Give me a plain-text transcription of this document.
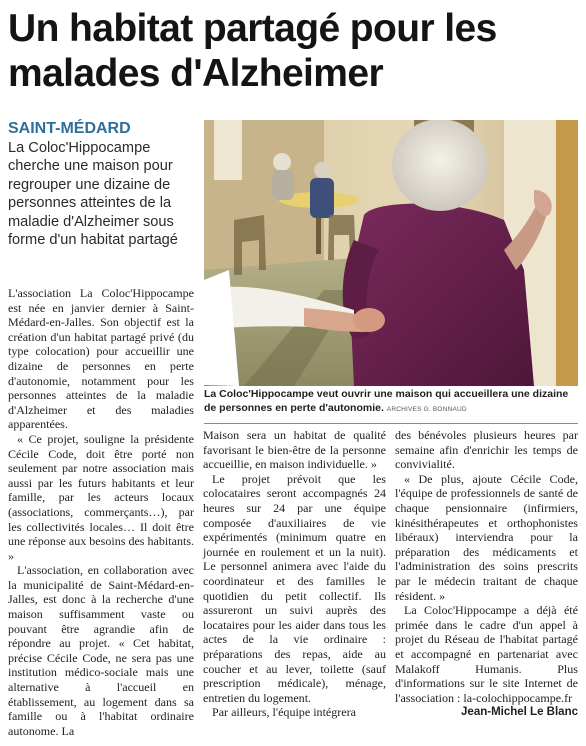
Un habitat partagé pour les malades d'Alzheimer
SAINT-MÉDARD
La Coloc'Hippocampe cherche une maison pour regrouper une dizaine de personnes atteintes de la maladie d'Alzheimer sous forme d'un habitat partagé
La Coloc'Hippocampe veut ouvrir une maison qui accueillera une dizaine de personnes en perte d'autonomie. ARCHIVES G. BONNAUD

L'association La Coloc'Hippocampe est née en janvier dernier à Saint-Médard-en-Jalles. Son objectif est la création d'un habitat partagé privé (du type colocation) pour accueillir une dizaine de personnes en perte d'autonomie, notamment pour les personnes atteintes de la maladie d'Alzheimer et des maladies apparentées.

« Ce projet, souligne la présidente Cécile Code, doit être porté non seulement par notre association mais aussi par les futurs habitants et leur famille, par les acteurs locaux (associations, commerçants…), par les collectivités locales… Il doit être une réponse aux besoins des habitants. »

L'association, en collaboration avec la municipalité de Saint-Médard-en-Jalles, est donc à la recherche d'une maison suffisamment vaste ou pouvant être agrandie afin de répondre au projet. « Cet habitat, précise Cécile Code, ne sera pas une institution médico-sociale mais une alternative à l'accueil en établissement, au logement dans sa famille ou à l'habitat ordinaire autonome. La

Maison sera un habitat de qualité favorisant le bien-être de la personne accueillie, en maison individuelle. »

Le projet prévoit que les colocataires seront accompagnés 24 heures sur 24 par une équipe composée d'auxiliaires de vie expérimentés (minimum quatre en journée en roulement et un la nuit). Le personnel animera avec l'aide du coordinateur et des familles le quotidien du petit collectif. Ils assureront un suivi auprès des locataires pour les aider dans tous les actes de la vie ordinaire : préparations des repas, aide au coucher et au lever, toilette (sauf prescription médicale), ménage, entretien du logement.

Par ailleurs, l'équipe intégrera

des bénévoles plusieurs heures par semaine afin d'enrichir les temps de convivialité.

« De plus, ajoute Cécile Code, l'équipe de professionnels de santé de chaque pensionnaire (infirmiers, kinésithérapeutes et orthophonistes libéraux) interviendra pour la préparation des médicaments et l'administration des soins prescrits par le médecin traitant de chaque résident. »

La Coloc'Hippocampe a déjà été primée dans le cadre d'un appel à projet du Réseau de l'habitat partagé et accompagné en partenariat avec Malakoff Humanis. Plus d'informations sur le site Internet de l'association : la-colochippocampe.fr

Jean-Michel Le Blanc
